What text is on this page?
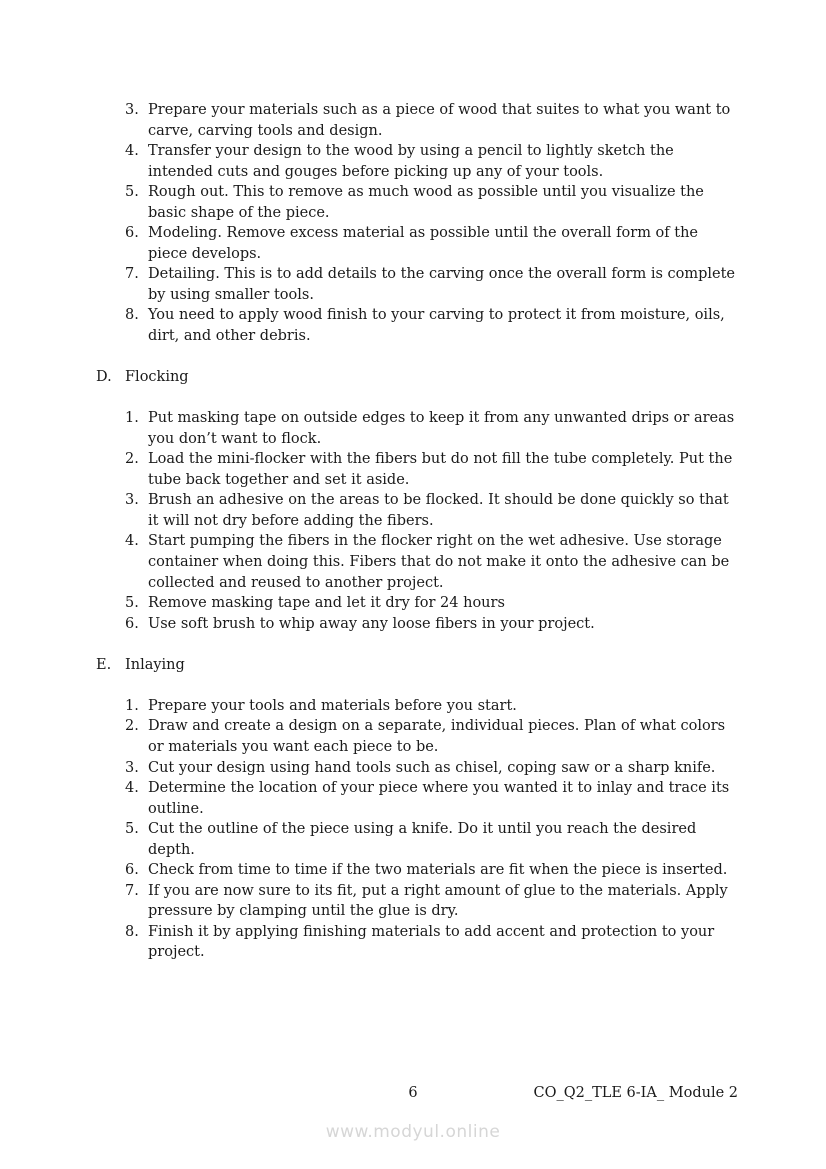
3. Prepare your materials such as a piece of wood that suites to what you want to carve, carving tools and design.
4. Transfer your design to the wood by using a pencil to lightly sketch the intended cuts and gouges before picking up any of your tools.
5. Rough out. This to remove as much wood as possible until you visualize the basic shape of the piece.
6. Modeling. Remove excess material as possible until the overall form of the piece develops.
7. Detailing. This is to add details to the carving once the overall form is complete by using smaller tools.
8. You need to apply wood finish to your carving to protect it from moisture, oils, dirt, and other debris.
D. Flocking
1. Put masking tape on outside edges to keep it from any unwanted drips or areas you don’t want to flock.
2. Load the mini-flocker with the fibers but do not fill the tube completely. Put the tube back together and set it aside.
3. Brush an adhesive on the areas to be flocked. It should be done quickly so that it will not dry before adding the fibers.
4. Start pumping the fibers in the flocker right on the wet adhesive. Use storage container when doing this. Fibers that do not make it onto the adhesive can be collected and reused to another project.
5. Remove masking tape and let it dry for 24 hours
6. Use soft brush to whip away any loose fibers in your project.
E. Inlaying
1. Prepare your tools and materials before you start.
2. Draw and create a design on a separate, individual pieces. Plan of what colors or materials you want each piece to be.
3. Cut your design using hand tools such as chisel, coping saw or a sharp knife.
4. Determine the location of your piece where you wanted it to inlay and trace its outline.
5. Cut the outline of the piece using a knife. Do it until you reach the desired depth.
6. Check from time to time if the two materials are fit when the piece is inserted.
7. If you are now sure to its fit, put a right amount of glue to the materials. Apply pressure by clamping until the glue is dry.
8. Finish it by applying finishing materials to add accent and protection to your project.
6	CO_Q2_TLE 6-IA_ Module 2
www.modyul.online
